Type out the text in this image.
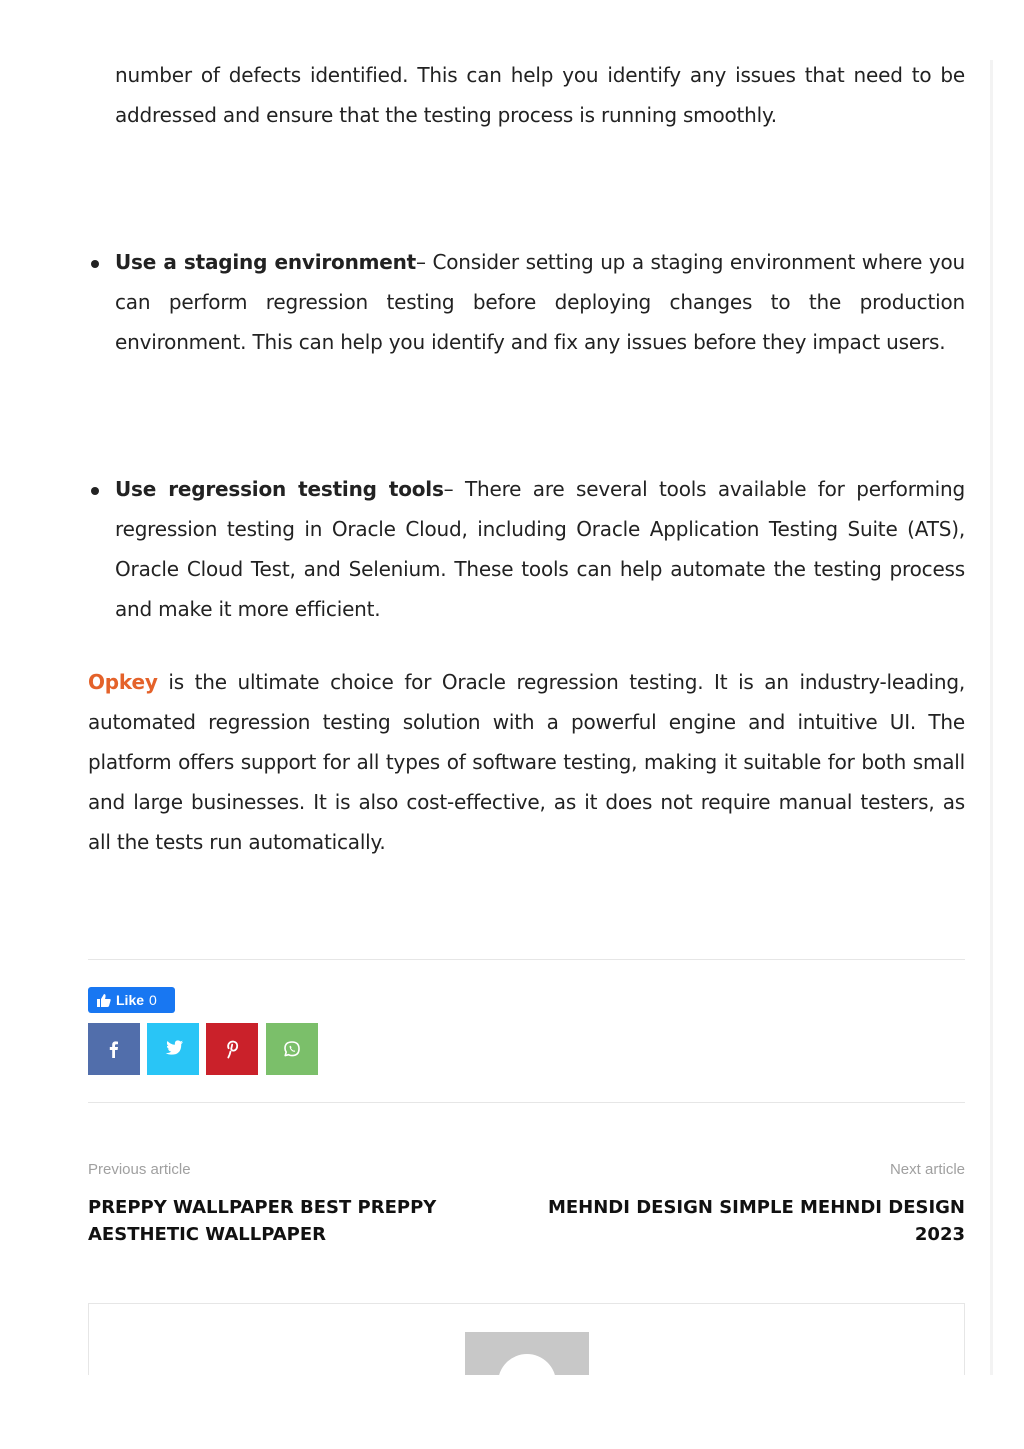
number of defects identified. This can help you identify any issues that need to be addressed and ensure that the testing process is running smoothly.

Use a staging environment– Consider setting up a staging environment where you can perform regression testing before deploying changes to the production environment. This can help you identify and fix any issues before they impact users.
Use regression testing tools– There are several tools available for performing regression testing in Oracle Cloud, including Oracle Application Testing Suite (ATS), Oracle Cloud Test, and Selenium. These tools can help automate the testing process and make it more efficient.

Opkey is the ultimate choice for Oracle regression testing. It is an industry-leading, automated regression testing solution with a powerful engine and intuitive UI. The platform offers support for all types of software testing, making it suitable for both small and large businesses. It is also cost-effective, as it does not require manual testers, as all the tests run automatically.

Like 0
Previous article	Next article
PREPPY WALLPAPER BEST PREPPY AESTHETIC WALLPAPER
MEHNDI DESIGN SIMPLE MEHNDI DESIGN 2023
